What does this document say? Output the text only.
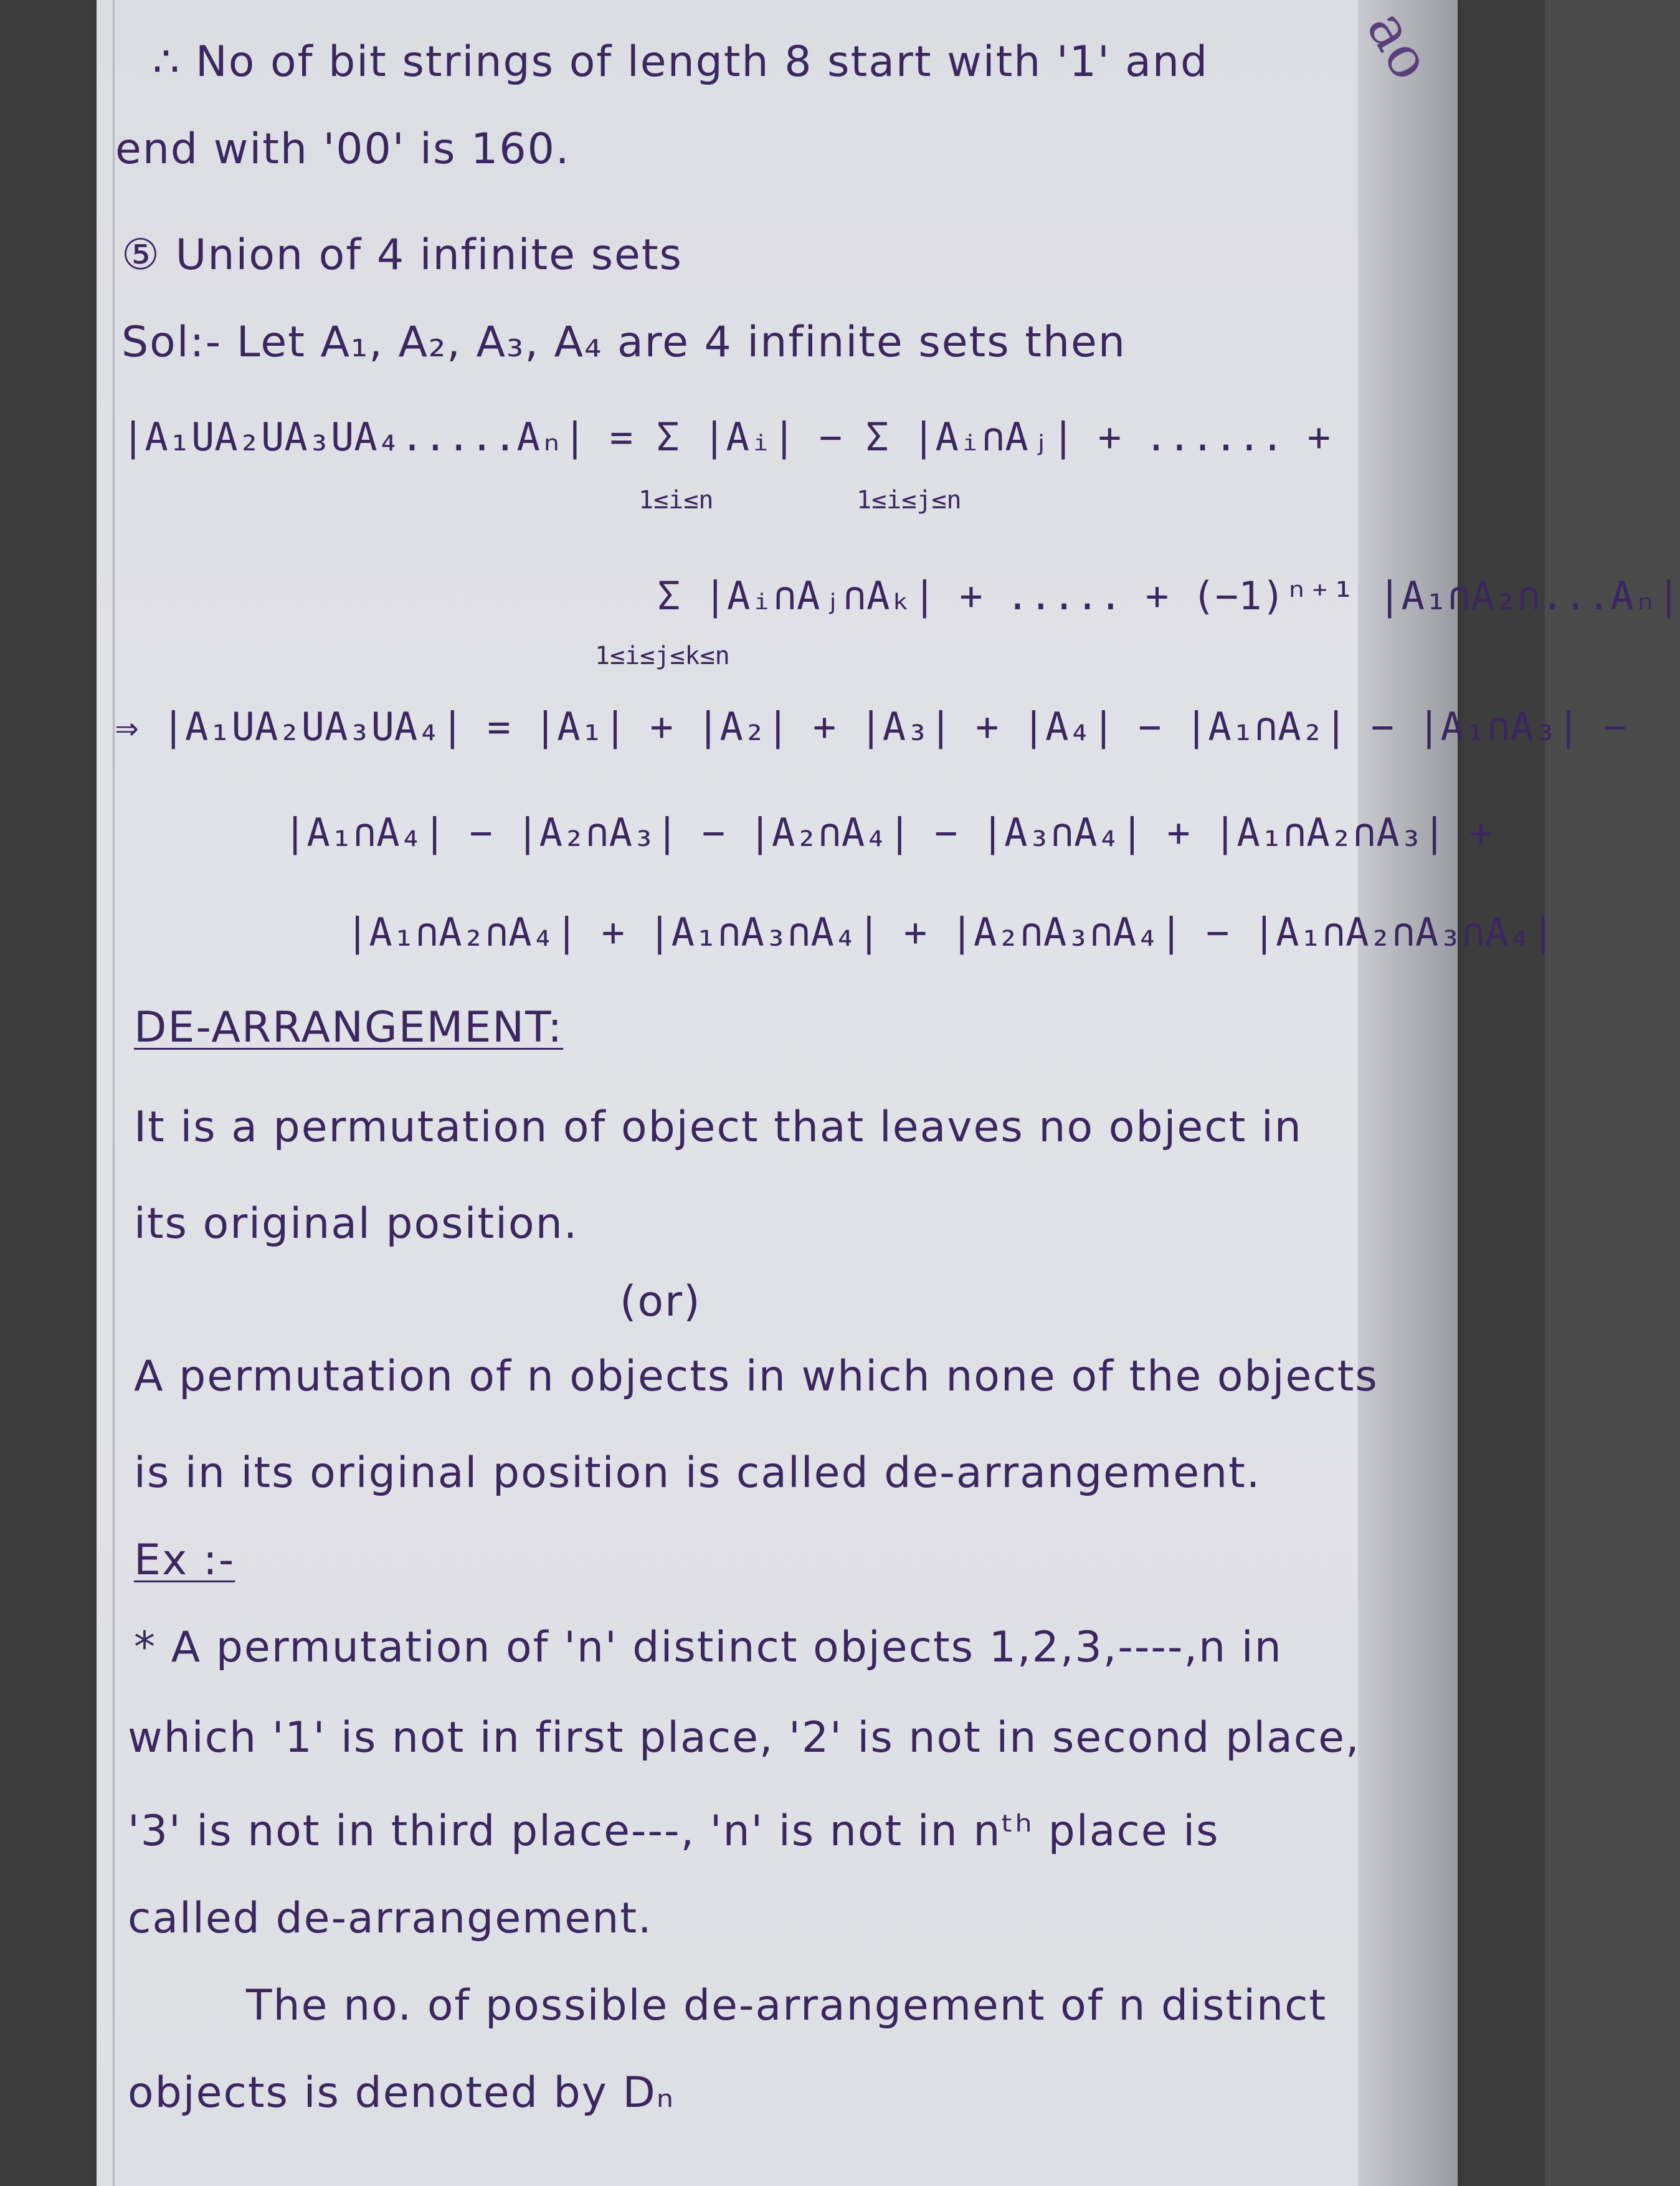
ao
∴ No of bit strings of length 8 start with '1' and
end with '00' is 160.
⑤ Union of 4 infinite sets
Sol:- Let A₁, A₂, A₃, A₄ are 4 infinite sets then
|A₁UA₂UA₃UA₄.....Aₙ| = Σ |Aᵢ| − Σ |Aᵢ∩Aⱼ| + ...... +
1≤i≤n	1≤i≤j≤n
Σ |Aᵢ∩Aⱼ∩Aₖ| + ..... + (−1)ⁿ⁺¹ |A₁∩A₂∩...Aₙ|
1≤i≤j≤k≤n
⇒ |A₁UA₂UA₃UA₄| = |A₁| + |A₂| + |A₃| + |A₄| − |A₁∩A₂| − |A₁∩A₃| −
|A₁∩A₄| − |A₂∩A₃| − |A₂∩A₄| − |A₃∩A₄| + |A₁∩A₂∩A₃| +
|A₁∩A₂∩A₄| + |A₁∩A₃∩A₄| + |A₂∩A₃∩A₄| − |A₁∩A₂∩A₃∩A₄|
DE-ARRANGEMENT:
It is a permutation of object that leaves no object in
its original position.
(or)
A permutation of n objects in which none of the objects
is in its original position is called de-arrangement.
Ex :-
* A permutation of 'n' distinct objects 1,2,3,----,n in
which '1' is not in first place, '2' is not in second place,
'3' is not in third place---, 'n' is not in nᵗʰ place is
called de-arrangement.
The no. of possible de-arrangement of n distinct
objects is denoted by Dₙ
